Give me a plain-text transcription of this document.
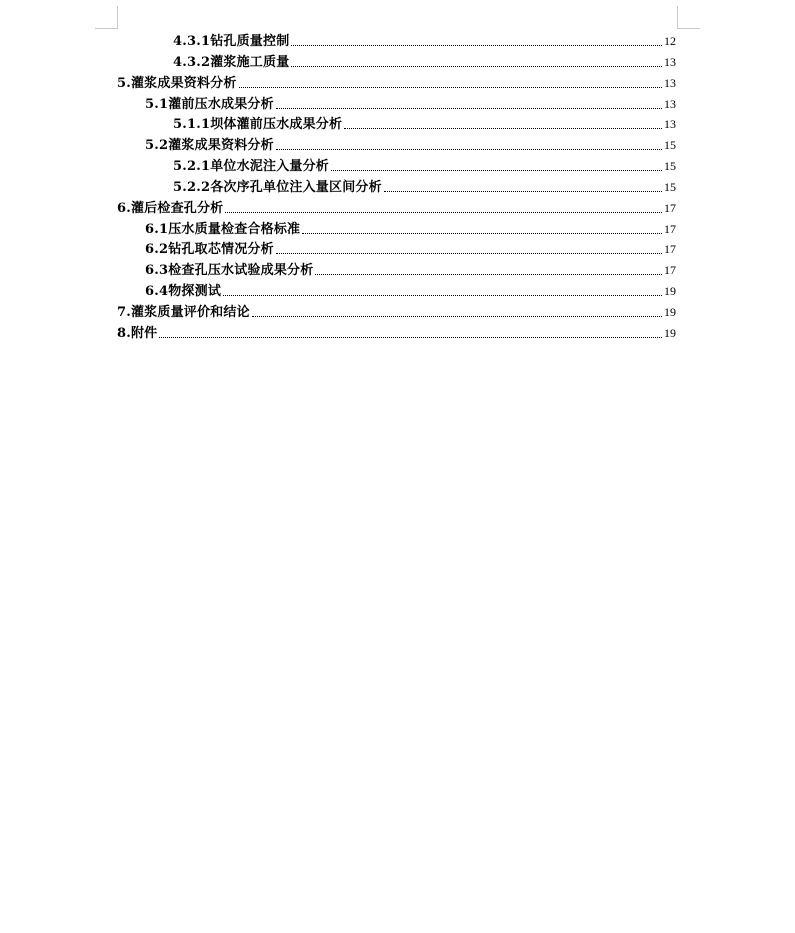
4.3.1钻孔质量控制	12
4.3.2灌浆施工质量	13
5.灌浆成果资料分析	13
5.1灌前压水成果分析	13
5.1.1坝体灌前压水成果分析	13
5.2灌浆成果资料分析	15
5.2.1单位水泥注入量分析	15
5.2.2各次序孔单位注入量区间分析	15
6.灌后检查孔分析	17
6.1压水质量检查合格标准	17
6.2钻孔取芯情况分析	17
6.3检查孔压水试验成果分析	17
6.4物探测试	19
7.灌浆质量评价和结论	19
8.附件	19
